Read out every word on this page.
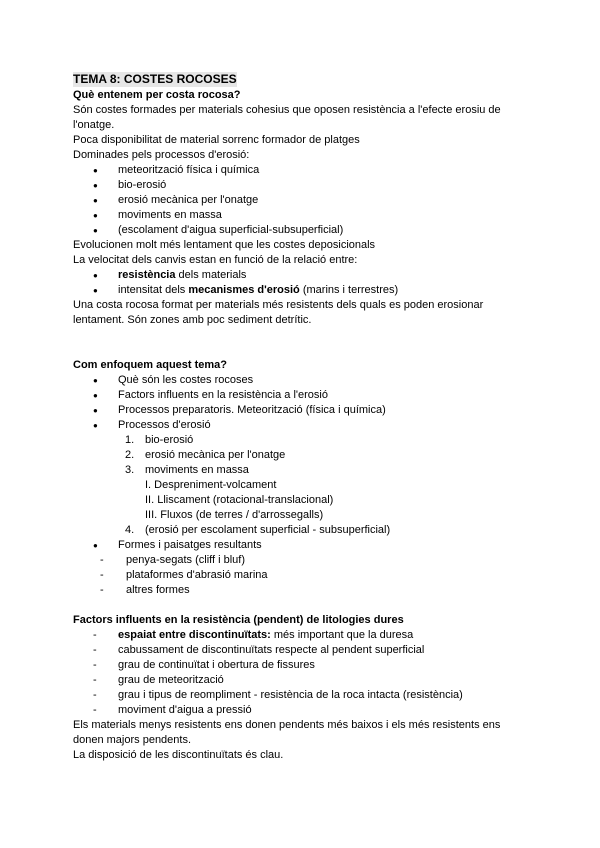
TEMA 8: COSTES ROCOSES

Què entenem per costa rocosa?

Són costes formades per materials cohesius que oposen resistència a l'efecte erosiu de l'onatge.

Poca disponibilitat de material sorrenc formador de platges

Dominades pels processos d'erosió:

● meteorització física i química
● bio-erosió
● erosió mecànica per l'onatge
● moviments en massa
● (escolament d'aigua superficial-subsuperficial)

Evolucionen molt més lentament que les costes deposicionals

La velocitat dels canvis estan en funció de la relació entre:

● resistència dels materials
● intensitat dels mecanismes d'erosió (marins i terrestres)

Una costa rocosa format per materials més resistents dels quals es poden erosionar lentament. Són zones amb poc sediment detrític.

Com enfoquem aquest tema?

● Què són les costes rocoses
● Factors influents en la resistència a l'erosió
● Processos preparatoris. Meteorització (física i química)
● Processos d'erosió
1. bio-erosió
2. erosió mecànica per l'onatge
3. moviments en massa
I. Despreniment-volcament
II. Lliscament (rotacional-translacional)
III. Fluxos (de terres / d'arrossegalls)
4. (erosió per escolament superficial - subsuperficial)
● Formes i paisatges resultants
- penya-segats (cliff i bluf)
- plataformes d'abrasió marina
- altres formes

Factors influents en la resistència (pendent) de litologies dures

- espaiat entre discontinuïtats: més important que la duresa
- cabussament de discontinuïtats respecte al pendent superficial
- grau de continuïtat i obertura de fissures
- grau de meteorització
- grau i tipus de reompliment - resistència de la roca intacta (resistència)
- moviment d'aigua a pressió

Els materials menys resistents ens donen pendents més baixos i els més resistents ens donen majors pendents.

La disposició de les discontinuïtats és clau.
